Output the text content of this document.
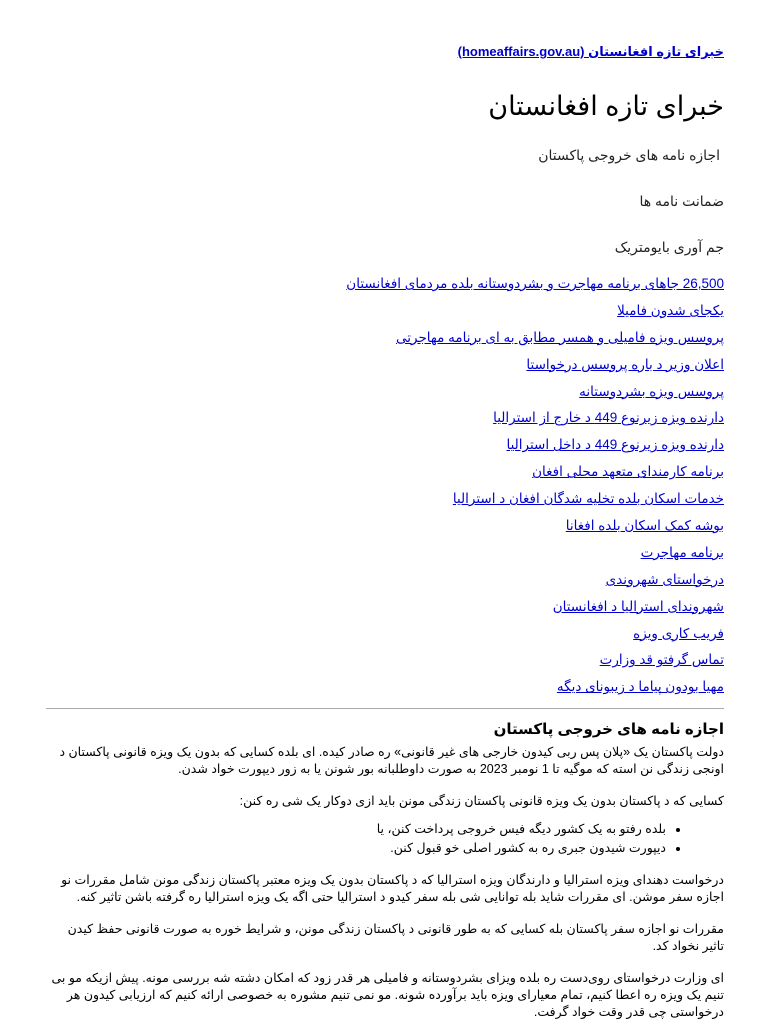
خبرای تازه افغانستان (homeaffairs.gov.au)
خبرای تازه افغانستان
اجازه نامه های خروجی پاکستان
ضمانت نامه ها
جم آوری بایومتریک
26,500 جاهای برنامه مهاجرت و بشردوستانه بلده مردمای افغانستان
یکجای شدون فامیلا
پروسس ویزه فامیلی و همسر مطابق به ای برنامه مهاجرتی
اعلان وزیر د باره پروسس درخواستا
پروسس ویزه بشردوستانه
دارنده ویزه زیرنوع 449 د خارج از استرالیا
دارنده ویزه زیرنوع 449 د داخل استرالیا
برنامه کارمندای متعهد محلی افغان
خدمات اسکان بلده تخلیه شدگان افغان د استرالیا
بوشه کمک اسکان بلده افغانا
برنامه مهاجرت
درخواستای شهروندی
شهروندای استرالیا د افغانستان
فریب کاری ویزه
تماس گرفتو قد وزارت
مهیا بودون پیاما د زیبونای دیگه
اجازه نامه های خروجی پاکستان

دولت پاکستان یک «پلان پس ربی کیدون خارجی های غیر قانونی» ره صادر کیده. ای بلده کسایی که بدون یک ویزه قانونی پاکستان د اونجی زندگی نن استه که موگیه تا 1 نومبر 2023 به صورت داوطلبانه بور شونن یا به زور دیپورت خواد شدن.

کسایی که د پاکستان بدون یک ویزه قانونی پاکستان زندگی مونن باید ازی دوکار یک شی ره کنن:

• بلده رفتو به یک کشور دیگه فیس خروجی پرداخت کنن، یا
• دیپورت شیدون جبری ره به کشور اصلی خو قبول کنن.

درخواست دهندای ویزه استرالیا و دارندگان ویزه استرالیا که د پاکستان بدون یک ویزه معتبر پاکستان زندگی مونن شامل مقررات نو اجازه سفر موشن. ای مقررات شاید بله توانایی شی بله سفر کیدو د استرالیا حتی اگه یک ویزه استرالیا ره گرفته باشن تاثیر کنه.

مقررات نو اجازه سفر پاکستان بله کسایی که به طور قانونی د پاکستان زندگی مونن، و شرایط خوره به صورت قانونی حفظ کیدن تاثیر نخواد کد.

ای وزارت درخواستای روی‌دست ره بلده ویزای بشردوستانه و فامیلی هر قدر زود که امکان دشته شه بررسی مونه. پیش ازیکه مو بی تنیم یک ویزه ره اعطا کنیم، تمام معیارای ویزه باید برآورده شونه. مو نمی تنیم مشوره به خصوصی ارائه کنیم که ارزیابی کیدون هر درخواستی چی قدر وقت خواد گرفت.
